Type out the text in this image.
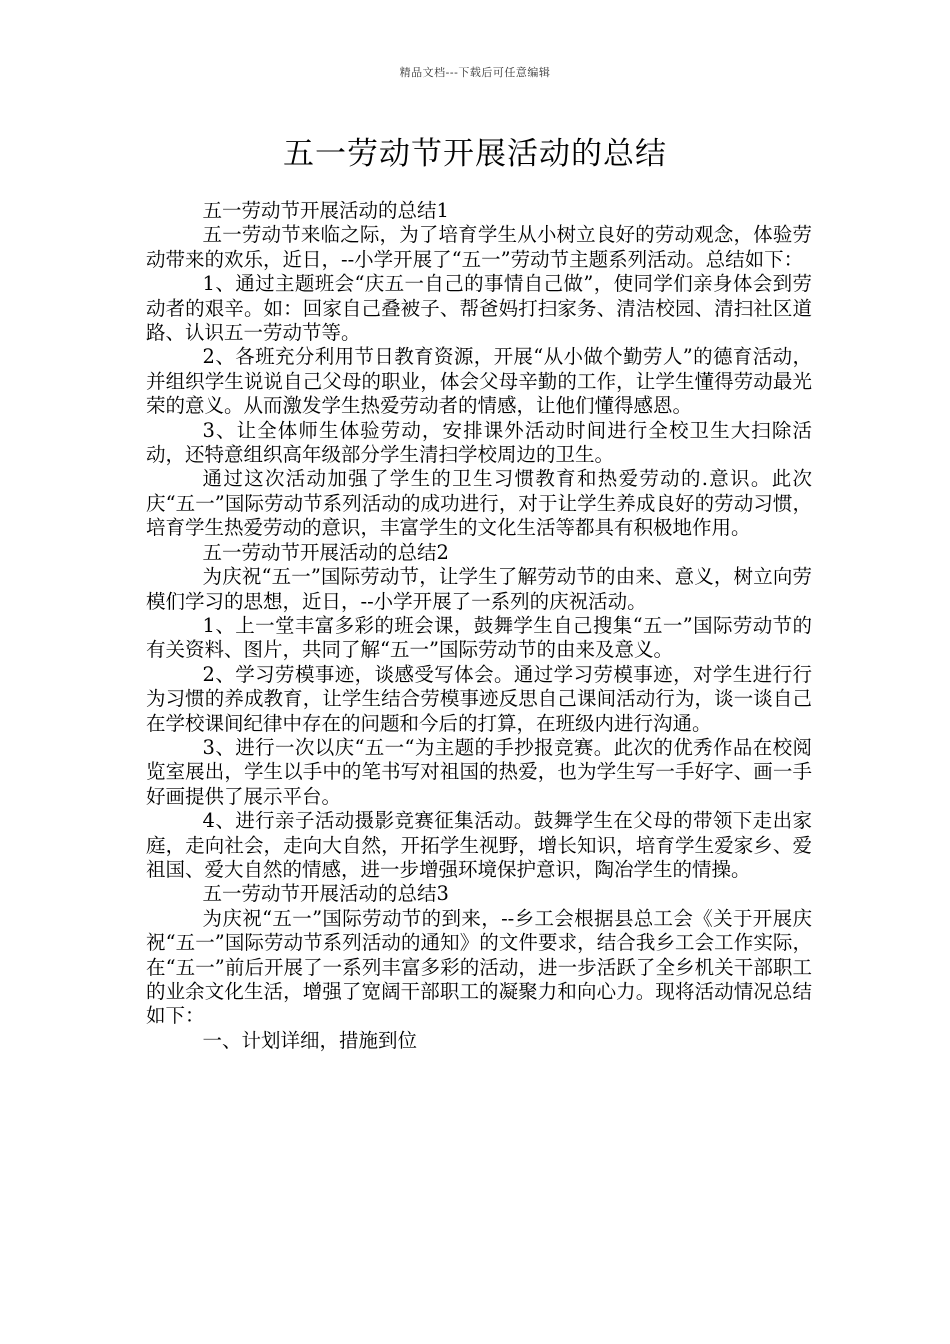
精品文档---下载后可任意编辑
五一劳动节开展活动的总结

五一劳动节开展活动的总结1

五一劳动节来临之际，为了培育学生从小树立良好的劳动观念，体验劳动带来的欢乐，近日，--小学开展了“五一”劳动节主题系列活动。总结如下：

1、通过主题班会“庆五一自己的事情自己做”，使同学们亲身体会到劳动者的艰辛。如：回家自己叠被子、帮爸妈打扫家务、清洁校园、清扫社区道路、认识五一劳动节等。

2、各班充分利用节日教育资源，开展“从小做个勤劳人”的德育活动，并组织学生说说自己父母的职业，体会父母辛勤的工作，让学生懂得劳动最光荣的意义。从而激发学生热爱劳动者的情感，让他们懂得感恩。

3、让全体师生体验劳动，安排课外活动时间进行全校卫生大扫除活动，还特意组织高年级部分学生清扫学校周边的卫生。

通过这次活动加强了学生的卫生习惯教育和热爱劳动的.意识。此次庆“五一”国际劳动节系列活动的成功进行，对于让学生养成良好的劳动习惯，培育学生热爱劳动的意识，丰富学生的文化生活等都具有积极地作用。

五一劳动节开展活动的总结2

为庆祝“五一”国际劳动节，让学生了解劳动节的由来、意义，树立向劳模们学习的思想，近日，--小学开展了一系列的庆祝活动。

1、上一堂丰富多彩的班会课，鼓舞学生自己搜集“五一”国际劳动节的有关资料、图片，共同了解“五一”国际劳动节的由来及意义。

2、学习劳模事迹，谈感受写体会。通过学习劳模事迹，对学生进行行为习惯的养成教育，让学生结合劳模事迹反思自己课间活动行为，谈一谈自己在学校课间纪律中存在的问题和今后的打算，在班级内进行沟通。

3、进行一次以庆“五一“为主题的手抄报竞赛。此次的优秀作品在校阅览室展出，学生以手中的笔书写对祖国的热爱，也为学生写一手好字、画一手好画提供了展示平台。

4、进行亲子活动摄影竞赛征集活动。鼓舞学生在父母的带领下走出家庭，走向社会，走向大自然，开拓学生视野，增长知识，培育学生爱家乡、爱祖国、爱大自然的情感，进一步增强环境保护意识，陶冶学生的情操。

五一劳动节开展活动的总结3

为庆祝“五一”国际劳动节的到来，--乡工会根据县总工会《关于开展庆祝“五一”国际劳动节系列活动的通知》的文件要求，结合我乡工会工作实际，在“五一”前后开展了一系列丰富多彩的活动，进一步活跃了全乡机关干部职工的业余文化生活，增强了宽阔干部职工的凝聚力和向心力。现将活动情况总结如下：

一、计划详细，措施到位
